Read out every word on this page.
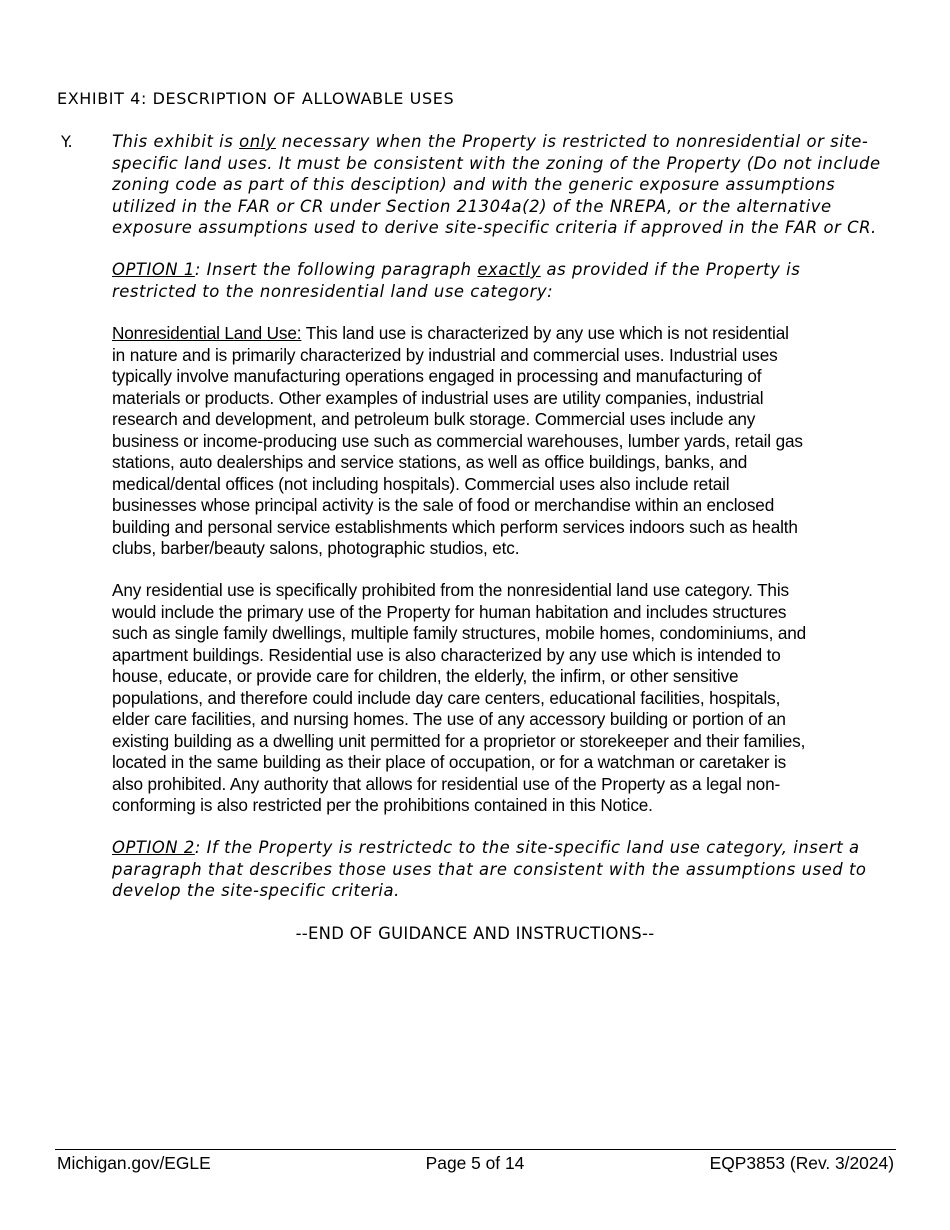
EXHIBIT 4: DESCRIPTION OF ALLOWABLE USES
Y. This exhibit is only necessary when the Property is restricted to nonresidential or site-
specific land uses. It must be consistent with the zoning of the Property (Do not include
zoning code as part of this desciption) and with the generic exposure assumptions
utilized in the FAR or CR under Section 21304a(2) of the NREPA, or the alternative
exposure assumptions used to derive site-specific criteria if approved in the FAR or CR.
OPTION 1: Insert the following paragraph exactly as provided if the Property is
restricted to the nonresidential land use category:
Nonresidential Land Use: This land use is characterized by any use which is not residential
in nature and is primarily characterized by industrial and commercial uses. Industrial uses
typically involve manufacturing operations engaged in processing and manufacturing of
materials or products. Other examples of industrial uses are utility companies, industrial
research and development, and petroleum bulk storage. Commercial uses include any
business or income-producing use such as commercial warehouses, lumber yards, retail gas
stations, auto dealerships and service stations, as well as office buildings, banks, and
medical/dental offices (not including hospitals). Commercial uses also include retail
businesses whose principal activity is the sale of food or merchandise within an enclosed
building and personal service establishments which perform services indoors such as health
clubs, barber/beauty salons, photographic studios, etc.
Any residential use is specifically prohibited from the nonresidential land use category. This
would include the primary use of the Property for human habitation and includes structures
such as single family dwellings, multiple family structures, mobile homes, condominiums, and
apartment buildings. Residential use is also characterized by any use which is intended to
house, educate, or provide care for children, the elderly, the infirm, or other sensitive
populations, and therefore could include day care centers, educational facilities, hospitals,
elder care facilities, and nursing homes. The use of any accessory building or portion of an
existing building as a dwelling unit permitted for a proprietor or storekeeper and their families,
located in the same building as their place of occupation, or for a watchman or caretaker is
also prohibited. Any authority that allows for residential use of the Property as a legal non-
conforming is also restricted per the prohibitions contained in this Notice.
OPTION 2: If the Property is restrictedc to the site-specific land use category, insert a
paragraph that describes those uses that are consistent with the assumptions used to
develop the site-specific criteria.
--END OF GUIDANCE AND INSTRUCTIONS--
Michigan.gov/EGLE	Page 5 of 14	EQP3853 (Rev. 3/2024)
